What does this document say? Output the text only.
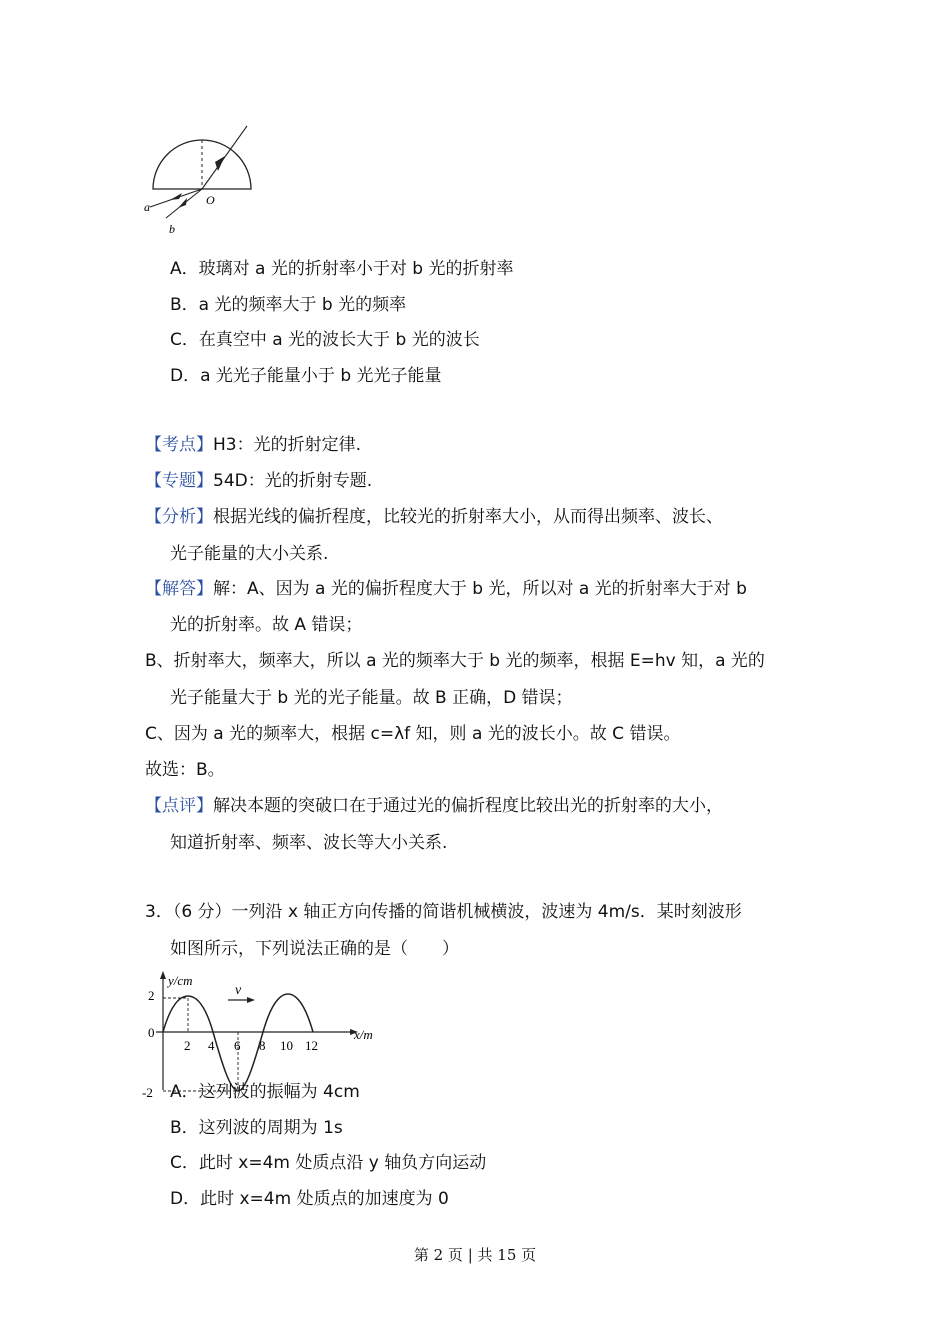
O
a
b
A．玻璃对 a 光的折射率小于对 b 光的折射率
B．a 光的频率大于 b 光的频率
C．在真空中 a 光的波长大于 b 光的波长
D．a 光光子能量小于 b 光光子能量
【考点】H3：光的折射定律.
【专题】54D：光的折射专题.
【分析】根据光线的偏折程度，比较光的折射率大小，从而得出频率、波长、
光子能量的大小关系.
【解答】解：A、因为 a 光的偏折程度大于 b 光，所以对 a 光的折射率大于对 b
光的折射率。故 A 错误；
B、折射率大，频率大，所以 a 光的频率大于 b 光的频率，根据 E=hv 知，a 光的
光子能量大于 b 光的光子能量。故 B 正确，D 错误；
C、因为 a 光的频率大，根据 c=λf 知，则 a 光的波长小。故 C 错误。
故选：B。
【点评】解决本题的突破口在于通过光的偏折程度比较出光的折射率的大小，
知道折射率、频率、波长等大小关系.
3．（6 分）一列沿 x 轴正方向传播的简谐机械横波，波速为 4m/s．某时刻波形
如图所示，下列说法正确的是（　　）
y/cm
x/m
2
0
-2
2 4 6 8 10 12
v
A．这列波的振幅为 4cm
B．这列波的周期为 1s
C．此时 x=4m 处质点沿 y 轴负方向运动
D．此时 x=4m 处质点的加速度为 0
第 2 页 | 共 15 页
